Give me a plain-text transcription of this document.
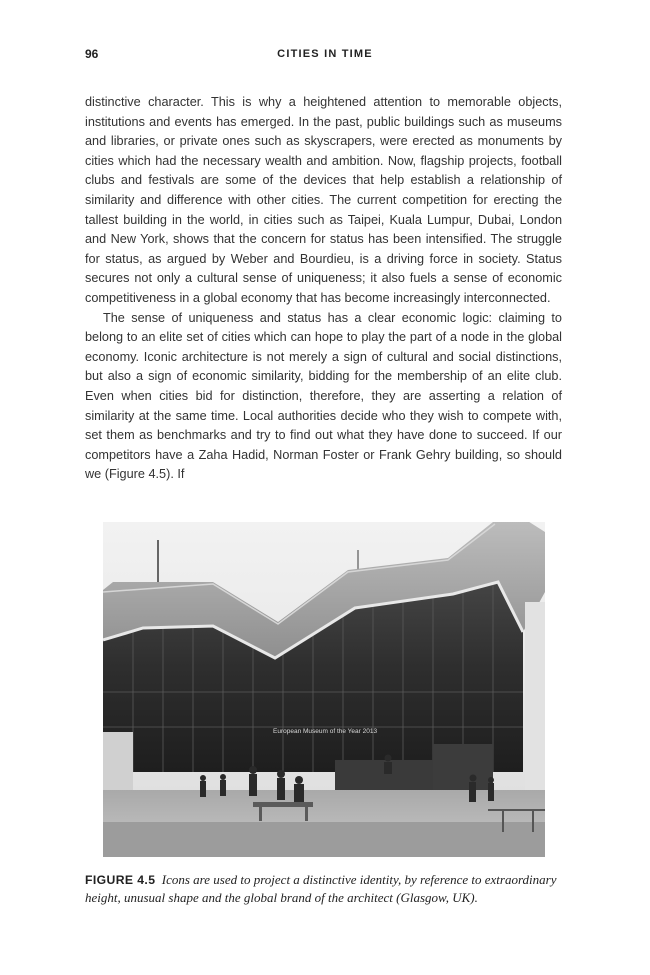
96	CITIES IN TIME

distinctive character. This is why a heightened attention to memorable objects, institutions and events has emerged. In the past, public buildings such as museums and libraries, or private ones such as skyscrapers, were erected as monuments by cities which had the necessary wealth and ambition. Now, flagship projects, football clubs and festivals are some of the devices that help establish a relationship of similarity and difference with other cities. The current competition for erecting the tallest building in the world, in cities such as Taipei, Kuala Lumpur, Dubai, London and New York, shows that the concern for status has been intensified. The struggle for status, as argued by Weber and Bourdieu, is a driving force in society. Status secures not only a cultural sense of uniqueness; it also fuels a sense of economic competitiveness in a global economy that has become increasingly interconnected.

The sense of uniqueness and status has a clear economic logic: claiming to belong to an elite set of cities which can hope to play the part of a node in the global economy. Iconic architecture is not merely a sign of cultural and social distinctions, but also a sign of economic similarity, bidding for the membership of an elite club. Even when cities bid for distinction, therefore, they are asserting a relation of similarity at the same time. Local authorities decide who they wish to compete with, set them as benchmarks and try to find out what they have done to succeed. If our competitors have a Zaha Hadid, Norman Foster or Frank Gehry building, so should we (Figure 4.5). If

European Museum of the Year 2013
FIGURE 4.5 Icons are used to project a distinctive identity, by reference to extraordinary height, unusual shape and the global brand of the architect (Glasgow, UK).
